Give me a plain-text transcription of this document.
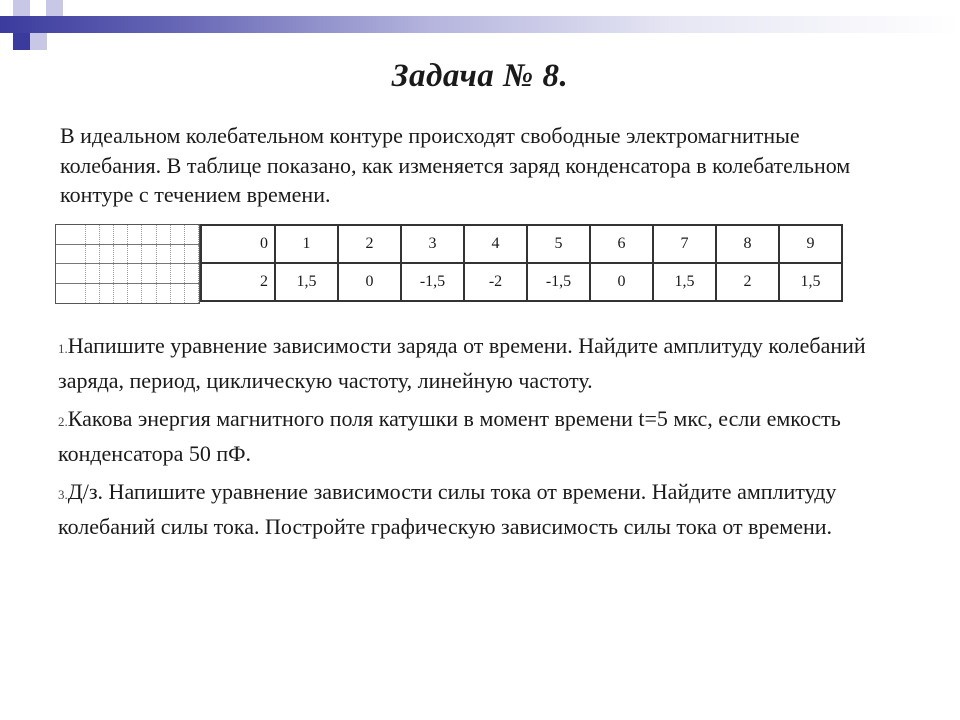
Задача № 8.
В идеальном колебательном контуре происходят свободные электромагнитные колебания. В таблице показано, как изменяется заряд конденсатора в колебательном контуре с течением времени.
0	1	2	3	4	5	6	7	8	9
2	1,5	0	-1,5	-2	-1,5	0	1,5	2	1,5

1.Напишите уравнение зависимости заряда от времени. Найдите амплитуду колебаний заряда, период, циклическую частоту, линейную частоту.

2.Какова энергия магнитного поля катушки в момент времени t=5 мкс, если емкость конденсатора 50 пФ.

3.Д/з. Напишите уравнение зависимости силы тока от времени. Найдите амплитуду колебаний силы тока. Постройте графическую зависимость силы тока от времени.
